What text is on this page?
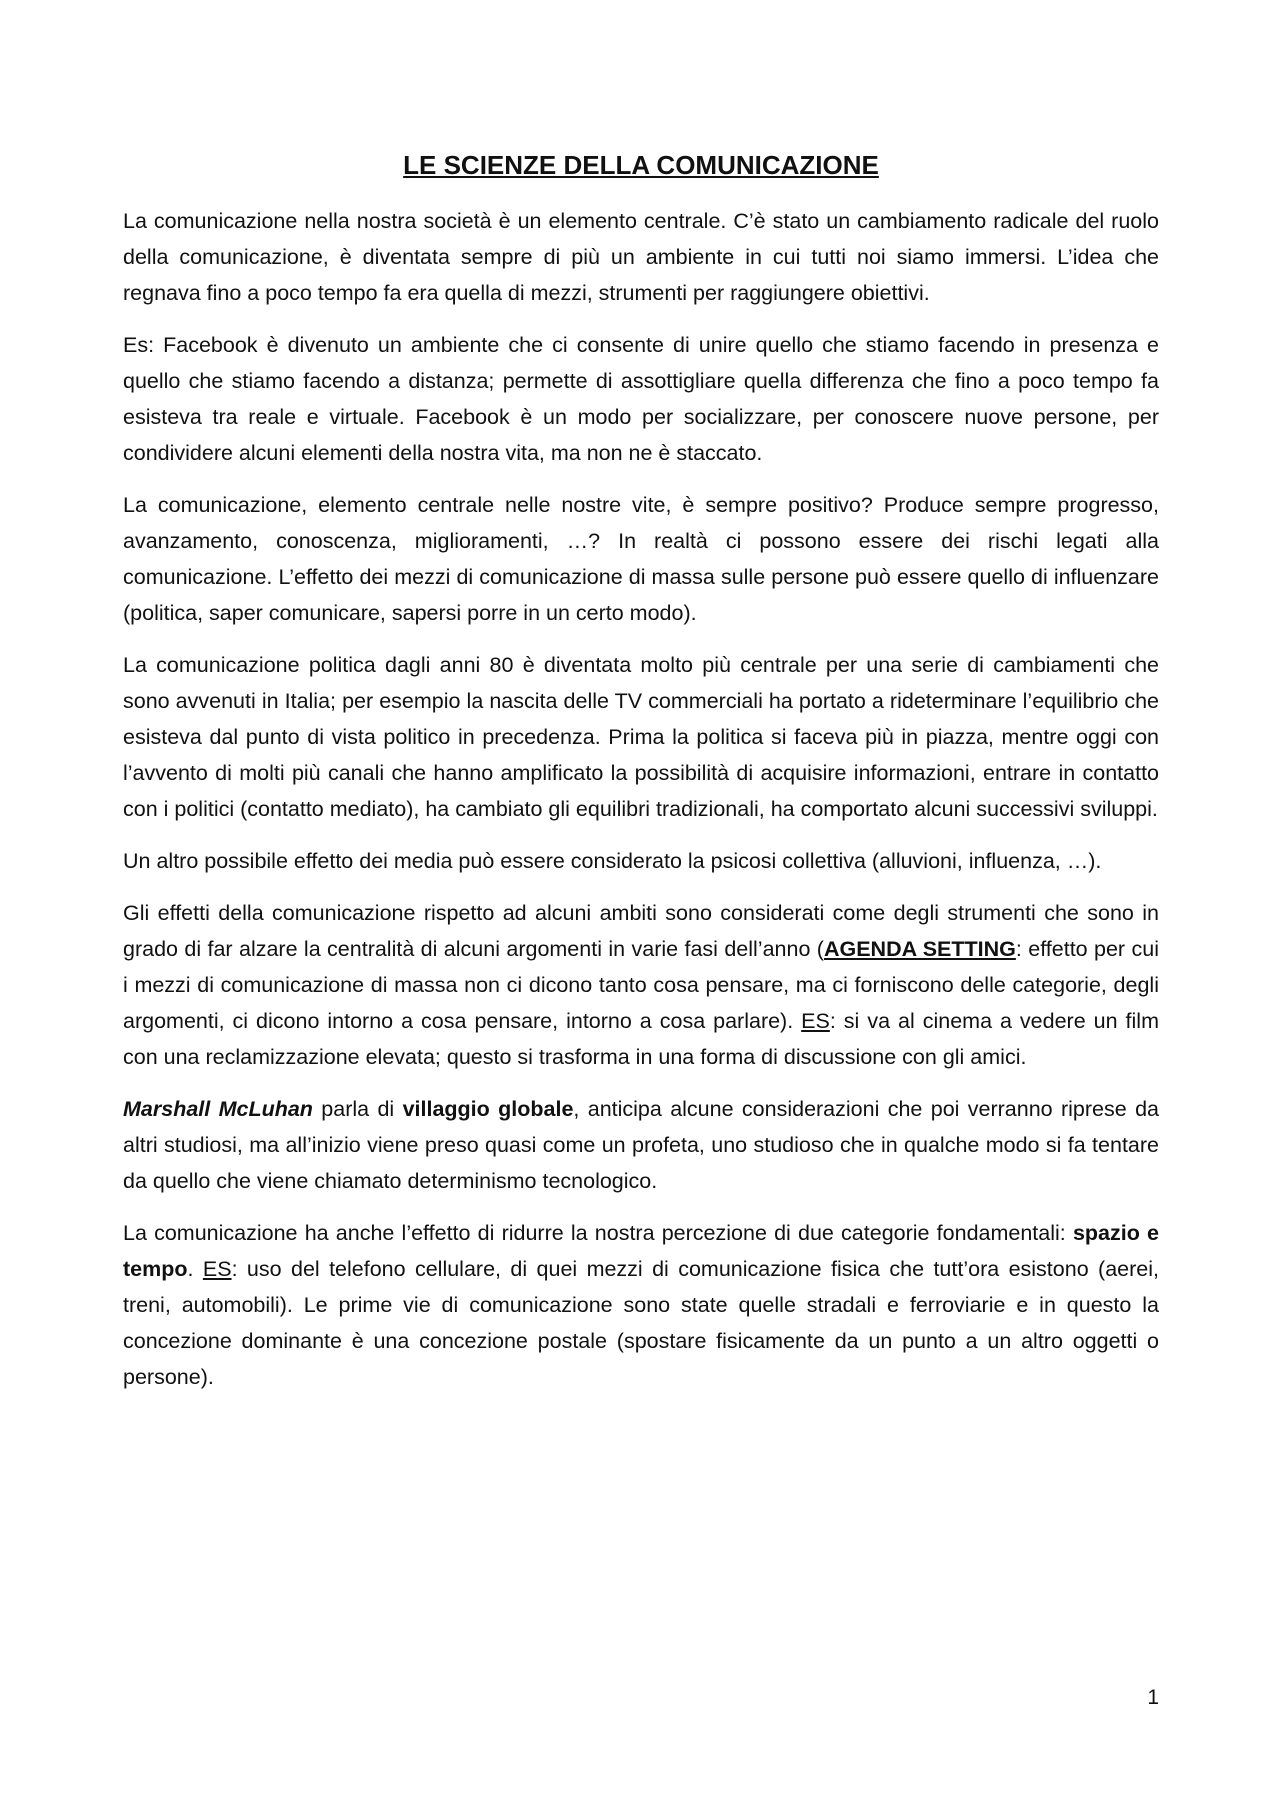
LE SCIENZE DELLA COMUNICAZIONE

La comunicazione nella nostra società è un elemento centrale. C’è stato un cambiamento radicale del ruolo della comunicazione, è diventata sempre di più un ambiente in cui tutti noi siamo immersi. L’idea che regnava fino a poco tempo fa era quella di mezzi, strumenti per raggiungere obiettivi.

Es: Facebook è divenuto un ambiente che ci consente di unire quello che stiamo facendo in presenza e quello che stiamo facendo a distanza; permette di assottigliare quella differenza che fino a poco tempo fa esisteva tra reale e virtuale. Facebook è un modo per socializzare, per conoscere nuove persone, per condividere alcuni elementi della nostra vita, ma non ne è staccato.

La comunicazione, elemento centrale nelle nostre vite, è sempre positivo? Produce sempre progresso, avanzamento, conoscenza, miglioramenti, …? In realtà ci possono essere dei rischi legati alla comunicazione. L’effetto dei mezzi di comunicazione di massa sulle persone può essere quello di influenzare (politica, saper comunicare, sapersi porre in un certo modo).

La comunicazione politica dagli anni 80 è diventata molto più centrale per una serie di cambiamenti che sono avvenuti in Italia; per esempio la nascita delle TV commerciali ha portato a rideterminare l’equilibrio che esisteva dal punto di vista politico in precedenza. Prima la politica si faceva più in piazza, mentre oggi con l’avvento di molti più canali che hanno amplificato la possibilità di acquisire informazioni, entrare in contatto con i politici (contatto mediato), ha cambiato gli equilibri tradizionali, ha comportato alcuni successivi sviluppi.

Un altro possibile effetto dei media può essere considerato la psicosi collettiva (alluvioni, influenza, …).

Gli effetti della comunicazione rispetto ad alcuni ambiti sono considerati come degli strumenti che sono in grado di far alzare la centralità di alcuni argomenti in varie fasi dell’anno (AGENDA SETTING: effetto per cui i mezzi di comunicazione di massa non ci dicono tanto cosa pensare, ma ci forniscono delle categorie, degli argomenti, ci dicono intorno a cosa pensare, intorno a cosa parlare). ES: si va al cinema a vedere un film con una reclamizzazione elevata; questo si trasforma in una forma di discussione con gli amici.

Marshall McLuhan parla di villaggio globale, anticipa alcune considerazioni che poi verranno riprese da altri studiosi, ma all’inizio viene preso quasi come un profeta, uno studioso che in qualche modo si fa tentare da quello che viene chiamato determinismo tecnologico.

La comunicazione ha anche l’effetto di ridurre la nostra percezione di due categorie fondamentali: spazio e tempo. ES: uso del telefono cellulare, di quei mezzi di comunicazione fisica che tutt’ora esistono (aerei, treni, automobili). Le prime vie di comunicazione sono state quelle stradali e ferroviarie e in questo la concezione dominante è una concezione postale (spostare fisicamente da un punto a un altro oggetti o persone).

1
